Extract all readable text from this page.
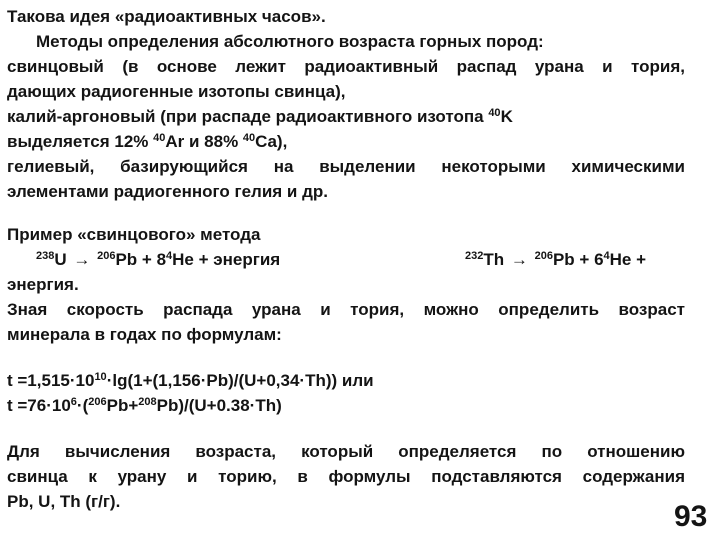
Такова идея «радиоактивных часов».
Методы определения абсолютного возраста горных пород:
свинцовый (в основе лежит радиоактивный распад урана и тория,
дающих радиогенные изотопы свинца),
калий-аргоновый (при распаде радиоактивного изотопа $^{40}$K
выделяется 12% $^{40}$Ar и 88% $^{40}$Ca),
гелиевый, базирующийся на выделении некоторыми химическими
элементами радиогенного гелия и др.
Пример «свинцового» метода
$^{238}U \to ^{206}Pb + 8^4He$ + энергия	$^{232}Th \to ^{206}Pb + 6^4He$ +
энергия.
Зная скорость распада урана и тория, можно определить возраст
минерала в годах по формулам:
$t =1,515\cdot 10^{10}\cdot\lg(1+(1,156\cdot Pb)/(U+0,34\cdot Th))$ или
$t =76\cdot 10^6\cdot(^{206}Pb+^{208}Pb)/(U+0.38\cdot Th)$
Для вычисления возраста, который определяется по отношению
свинца к урану и торию, в формулы подставляются содержания
Pb, U, Th (г/г).	93
